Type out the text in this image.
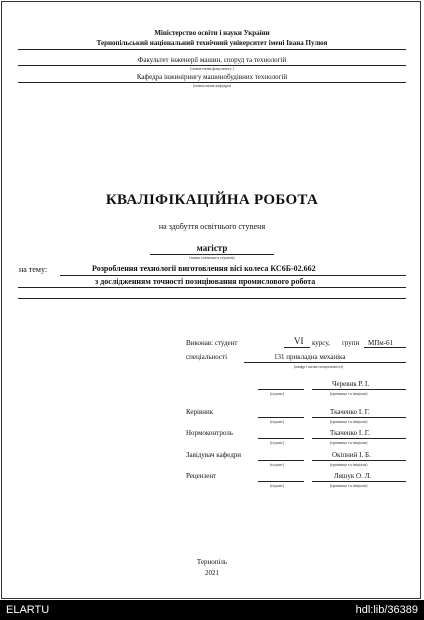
Міністерство освіти і науки України
Тернопільський національний технічний університет імені Івана Пулюя
Факультет інженерії машин, споруд та технологій
(повна назва факультету )
Кафедра інжинірингу машинобудівних технологій
(повна назва кафедри)
КВАЛІФІКАЦІЙНА РОБОТА
на здобуття освітнього ступеня
магістр
(назва освітнього ступеня)
на тему:	Розроблення технології виготовлення вісі колеса КС6Б-02.662
з дослідженням точності позиціювання промислового робота
Виконав: студент	VI курсу, групи МПм-61
спеціальності	131 прикладна механіка
(шифр і назва спеціальності)
Черевик Р. І.
(підпис)	(прізвище та ініціали)
Керівник	Ткаченко І. Г.
(підпис)	(прізвище та ініціали)
Нормоконтроль	Ткаченко І. Г.
(підпис)	(прізвище та ініціали)
Завідувач кафедри	Окіпний І. Б.
(підпис)	(прізвище та ініціали)
Рецензент	Ляшук О. Л.
(підпис)	(прізвище та ініціали)
Тернопіль
2021
ELARTU	hdl:lib/36389
